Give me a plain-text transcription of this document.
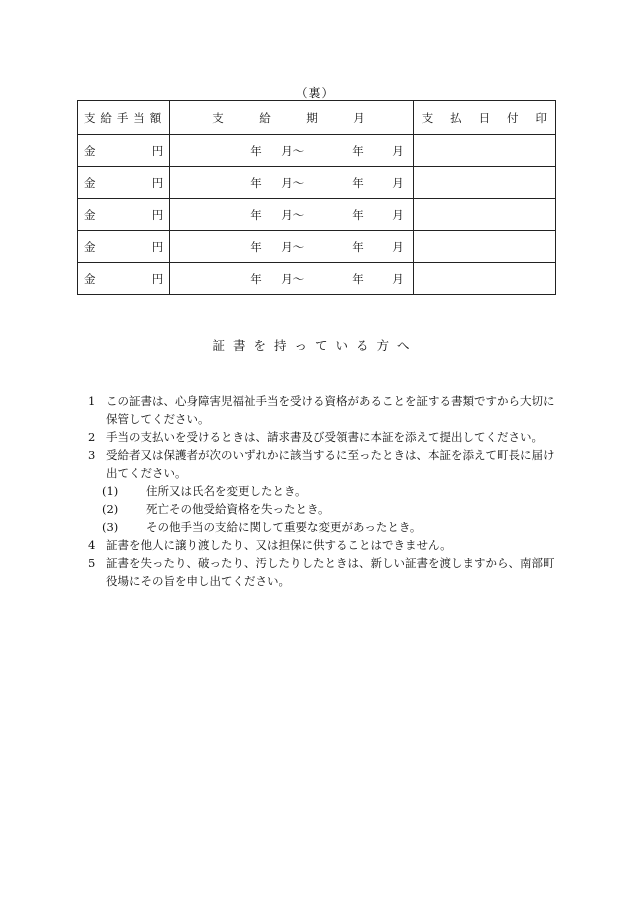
（裏）
支 給 手 当 額	支 給 期 月	支 払 日 付 印

金 円	年 月〜 年 月	

金 円	年 月〜 年 月	

金 円	年 月〜 年 月	

金 円	年 月〜 年 月	

金 円	年 月〜 年 月	

証書を持っている方へ
1 この証書は、心身障害児福祉手当を受ける資格があることを証する書類ですから大切に保管してください。
2 手当の支払いを受けるときは、請求書及び受領書に本証を添えて提出してください。
3 受給者又は保護者が次のいずれかに該当するに至ったときは、本証を添えて町長に届け出てください。
(1)	住所又は氏名を変更したとき。
(2)	死亡その他受給資格を失ったとき。
(3)	その他手当の支給に関して重要な変更があったとき。
4 証書を他人に譲り渡したり、又は担保に供することはできません。
5 証書を失ったり、破ったり、汚したりしたときは、新しい証書を渡しますから、南部町役場にその旨を申し出てください。
